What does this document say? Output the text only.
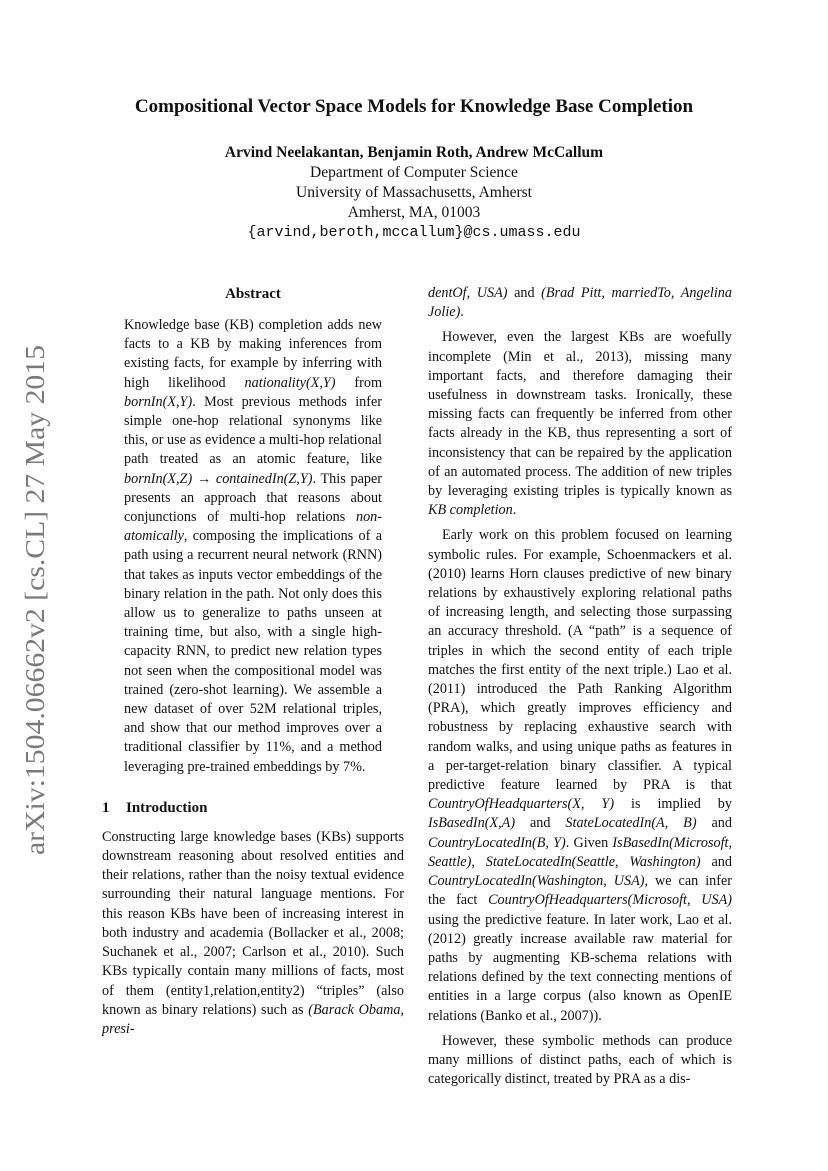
arXiv:1504.06662v2 [cs.CL] 27 May 2015
Compositional Vector Space Models for Knowledge Base Completion
Arvind Neelakantan, Benjamin Roth, Andrew McCallum
Department of Computer Science
University of Massachusetts, Amherst
Amherst, MA, 01003
{arvind,beroth,mccallum}@cs.umass.edu
Abstract

Knowledge base (KB) completion adds new facts to a KB by making inferences from existing facts, for example by inferring with high likelihood nationality(X,Y) from bornIn(X,Y). Most previous methods infer simple one-hop relational synonyms like this, or use as evidence a multi-hop relational path treated as an atomic feature, like bornIn(X,Z) → containedIn(Z,Y). This paper presents an approach that reasons about conjunctions of multi-hop relations non-atomically, composing the implications of a path using a recurrent neural network (RNN) that takes as inputs vector embeddings of the binary relation in the path. Not only does this allow us to generalize to paths unseen at training time, but also, with a single high-capacity RNN, to predict new relation types not seen when the compositional model was trained (zero-shot learning). We assemble a new dataset of over 52M relational triples, and show that our method improves over a traditional classifier by 11%, and a method leveraging pre-trained embeddings by 7%.

1 Introduction

Constructing large knowledge bases (KBs) supports downstream reasoning about resolved entities and their relations, rather than the noisy textual evidence surrounding their natural language mentions. For this reason KBs have been of increasing interest in both industry and academia (Bollacker et al., 2008; Suchanek et al., 2007; Carlson et al., 2010). Such KBs typically contain many millions of facts, most of them (entity1,relation,entity2) “triples” (also known as binary relations) such as (Barack Obama, presi-

dentOf, USA) and (Brad Pitt, marriedTo, Angelina Jolie).

However, even the largest KBs are woefully incomplete (Min et al., 2013), missing many important facts, and therefore damaging their usefulness in downstream tasks. Ironically, these missing facts can frequently be inferred from other facts already in the KB, thus representing a sort of inconsistency that can be repaired by the application of an automated process. The addition of new triples by leveraging existing triples is typically known as KB completion.

Early work on this problem focused on learning symbolic rules. For example, Schoenmackers et al. (2010) learns Horn clauses predictive of new binary relations by exhaustively exploring relational paths of increasing length, and selecting those surpassing an accuracy threshold. (A “path” is a sequence of triples in which the second entity of each triple matches the first entity of the next triple.) Lao et al. (2011) introduced the Path Ranking Algorithm (PRA), which greatly improves efficiency and robustness by replacing exhaustive search with random walks, and using unique paths as features in a per-target-relation binary classifier. A typical predictive feature learned by PRA is that CountryOfHeadquarters(X, Y) is implied by IsBasedIn(X,A) and StateLocatedIn(A, B) and CountryLocatedIn(B, Y). Given IsBasedIn(Microsoft, Seattle), StateLocatedIn(Seattle, Washington) and CountryLocatedIn(Washington, USA), we can infer the fact CountryOfHeadquarters(Microsoft, USA) using the predictive feature. In later work, Lao et al. (2012) greatly increase available raw material for paths by augmenting KB-schema relations with relations defined by the text connecting mentions of entities in a large corpus (also known as OpenIE relations (Banko et al., 2007)).

However, these symbolic methods can produce many millions of distinct paths, each of which is categorically distinct, treated by PRA as a dis-
